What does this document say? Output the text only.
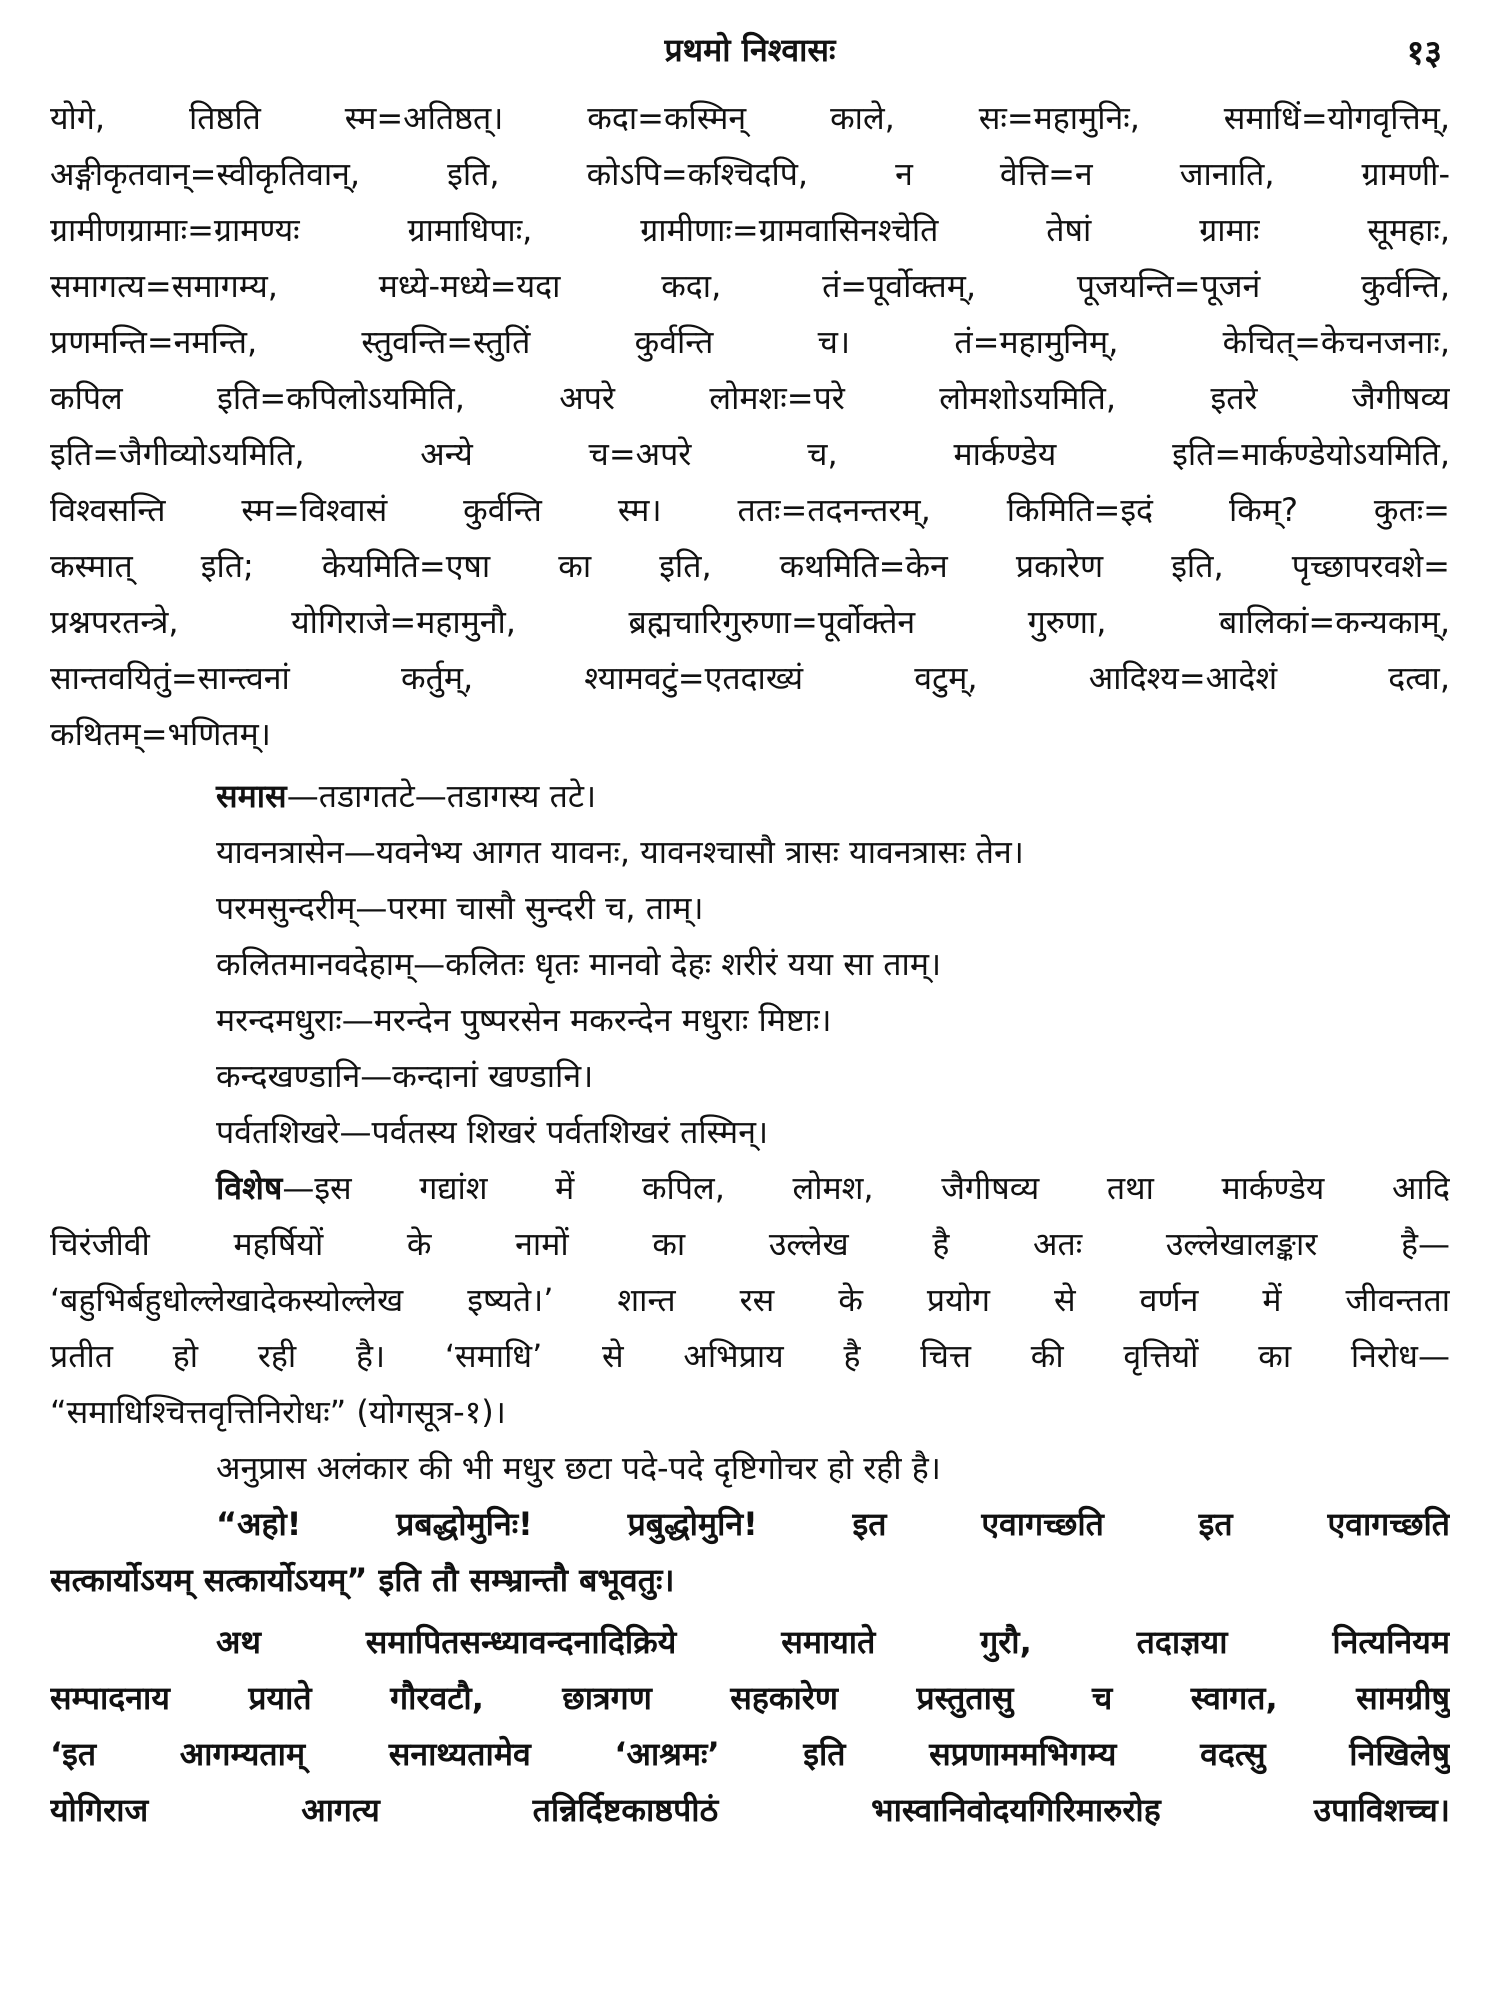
प्रथमो निश्वासः	१३
योगे, तिष्ठति स्म=अतिष्ठत्। कदा=कस्मिन् काले, सः=महामुनिः, समाधिं=योगवृत्तिम्,
अङ्गीकृतवान्=स्वीकृतिवान्, इति, कोऽपि=कश्चिदपि, न वेत्ति=न जानाति, ग्रामणी-
ग्रामीणग्रामाः=ग्रामण्यः ग्रामाधिपाः, ग्रामीणाः=ग्रामवासिनश्चेति तेषां ग्रामाः सूमहाः,
समागत्य=समागम्य, मध्ये-मध्ये=यदा कदा, तं=पूर्वोक्तम्, पूजयन्ति=पूजनं कुर्वन्ति,
प्रणमन्ति=नमन्ति, स्तुवन्ति=स्तुतिं कुर्वन्ति च। तं=महामुनिम्, केचित्=केचनजनाः,
कपिल इति=कपिलोऽयमिति, अपरे लोमशः=परे लोमशोऽयमिति, इतरे जैगीषव्य
इति=जैगीव्योऽयमिति, अन्ये च=अपरे च, मार्कण्डेय इति=मार्कण्डेयोऽयमिति,
विश्वसन्ति स्म=विश्वासं कुर्वन्ति स्म। ततः=तदनन्तरम्, किमिति=इदं किम्? कुतः=
कस्मात् इति; केयमिति=एषा का इति, कथमिति=केन प्रकारेण इति, पृच्छापरवशे=
प्रश्नपरतन्त्रे, योगिराजे=महामुनौ, ब्रह्मचारिगुरुणा=पूर्वोक्तेन गुरुणा, बालिकां=कन्यकाम्,
सान्तवयितुं=सान्त्वनां कर्तुम्, श्यामवटुं=एतदाख्यं वटुम्, आदिश्य=आदेशं दत्वा,
कथितम्=भणितम्।
समास—तडागतटे—तडागस्य तटे।
यावनत्रासेन—यवनेभ्य आगत यावनः, यावनश्चासौ त्रासः यावनत्रासः तेन।
परमसुन्दरीम्—परमा चासौ सुन्दरी च, ताम्।
कलितमानवदेहाम्—कलितः धृतः मानवो देहः शरीरं यया सा ताम्।
मरन्दमधुराः—मरन्देन पुष्परसेन मकरन्देन मधुराः मिष्टाः।
कन्दखण्डानि—कन्दानां खण्डानि।
पर्वतशिखरे—पर्वतस्य शिखरं पर्वतशिखरं तस्मिन्।
विशेष—इस गद्यांश में कपिल, लोमश, जैगीषव्य तथा मार्कण्डेय आदि
चिरंजीवी महर्षियों के नामों का उल्लेख है अतः उल्लेखालङ्कार है—
‘बहुभिर्बहुधोल्लेखादेकस्योल्लेख इष्यते।’ शान्त रस के प्रयोग से वर्णन में जीवन्तता
प्रतीत हो रही है। ‘समाधि’ से अभिप्राय है चित्त की वृत्तियों का निरोध—
“समाधिश्चित्तवृत्तिनिरोधः” (योगसूत्र-१)।
अनुप्रास अलंकार की भी मधुर छटा पदे-पदे दृष्टिगोचर हो रही है।
“अहो! प्रबद्धोमुनिः! प्रबुद्धोमुनि! इत एवागच्छति इत एवागच्छति
सत्कार्योऽयम् सत्कार्योऽयम्” इति तौ सम्भ्रान्तौ बभूवतुः।
अथ समापितसन्ध्यावन्दनादिक्रिये समायाते गुरौ, तदाज्ञया नित्यनियम
सम्पादनाय प्रयाते गौरवटौ, छात्रगण सहकारेण प्रस्तुतासु च स्वागत, सामग्रीषु
‘इत आगम्यताम् सनाथ्यतामेव ‘आश्रमः’ इति सप्रणाममभिगम्य वदत्सु निखिलेषु
योगिराज आगत्य तन्निर्दिष्टकाष्ठपीठं भास्वानिवोदयगिरिमारुरोह उपाविशच्च।
